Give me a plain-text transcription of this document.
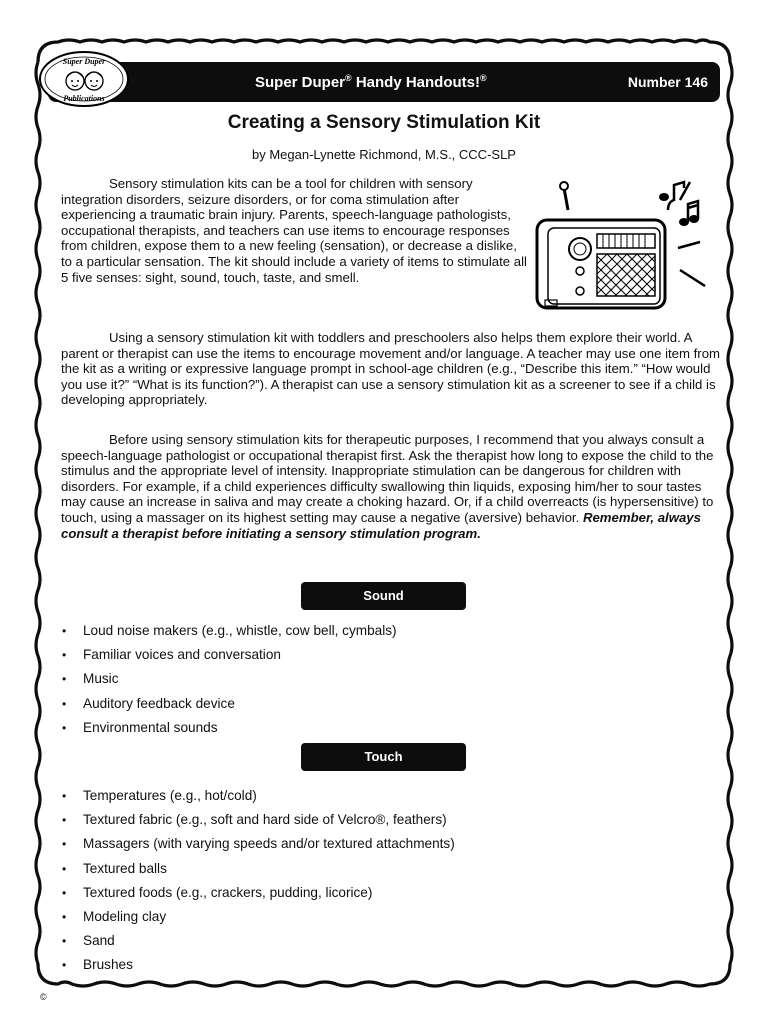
Super Duper
Publications
Super Duper® Handy Handouts!®	Number 146
Creating a Sensory Stimulation Kit
by Megan-Lynette Richmond, M.S., CCC-SLP

Sensory stimulation kits can be a tool for children with sensory integration disorders, seizure disorders, or for coma stimulation after experiencing a traumatic brain injury. Parents, speech-language pathologists, occupational therapists, and teachers can use items to encourage responses from children, expose them to a new feeling (sensation), or decrease a dislike, to a particular sensation. The kit should include a variety of items to stimulate all 5 five senses: sight, sound, touch, taste, and smell.

Using a sensory stimulation kit with toddlers and preschoolers also helps them explore their world. A parent or therapist can use the items to encourage movement and/or language. A teacher may use one item from the kit as a writing or expressive language prompt in school-age children (e.g., “Describe this item.” “How would you use it?” “What is its function?”). A therapist can use a sensory stimulation kit as a screener to see if a child is developing appropriately.

Before using sensory stimulation kits for therapeutic purposes, I recommend that you always consult a speech-language pathologist or occupational therapist first. Ask the therapist how long to expose the child to the stimulus and the appropriate level of intensity. Inappropriate stimulation can be dangerous for children with disorders. For example, if a child experiences difficulty swallowing thin liquids, exposing him/her to sour tastes may cause an increase in saliva and may create a choking hazard. Or, if a child overreacts (is hypersensitive) to touch, using a massager on its highest setting may cause a negative (aversive) behavior. Remember, always consult a therapist before initiating a sensory stimulation program.

Sound
• Loud noise makers (e.g., whistle, cow bell, cymbals)
• Familiar voices and conversation
• Music
• Auditory feedback device
• Environmental sounds
Touch
• Temperatures (e.g., hot/cold)
• Textured fabric (e.g., soft and hard side of Velcro®, feathers)
• Massagers (with varying speeds and/or textured attachments)
• Textured balls
• Textured foods (e.g., crackers, pudding, licorice)
• Modeling clay
• Sand
• Brushes
©
